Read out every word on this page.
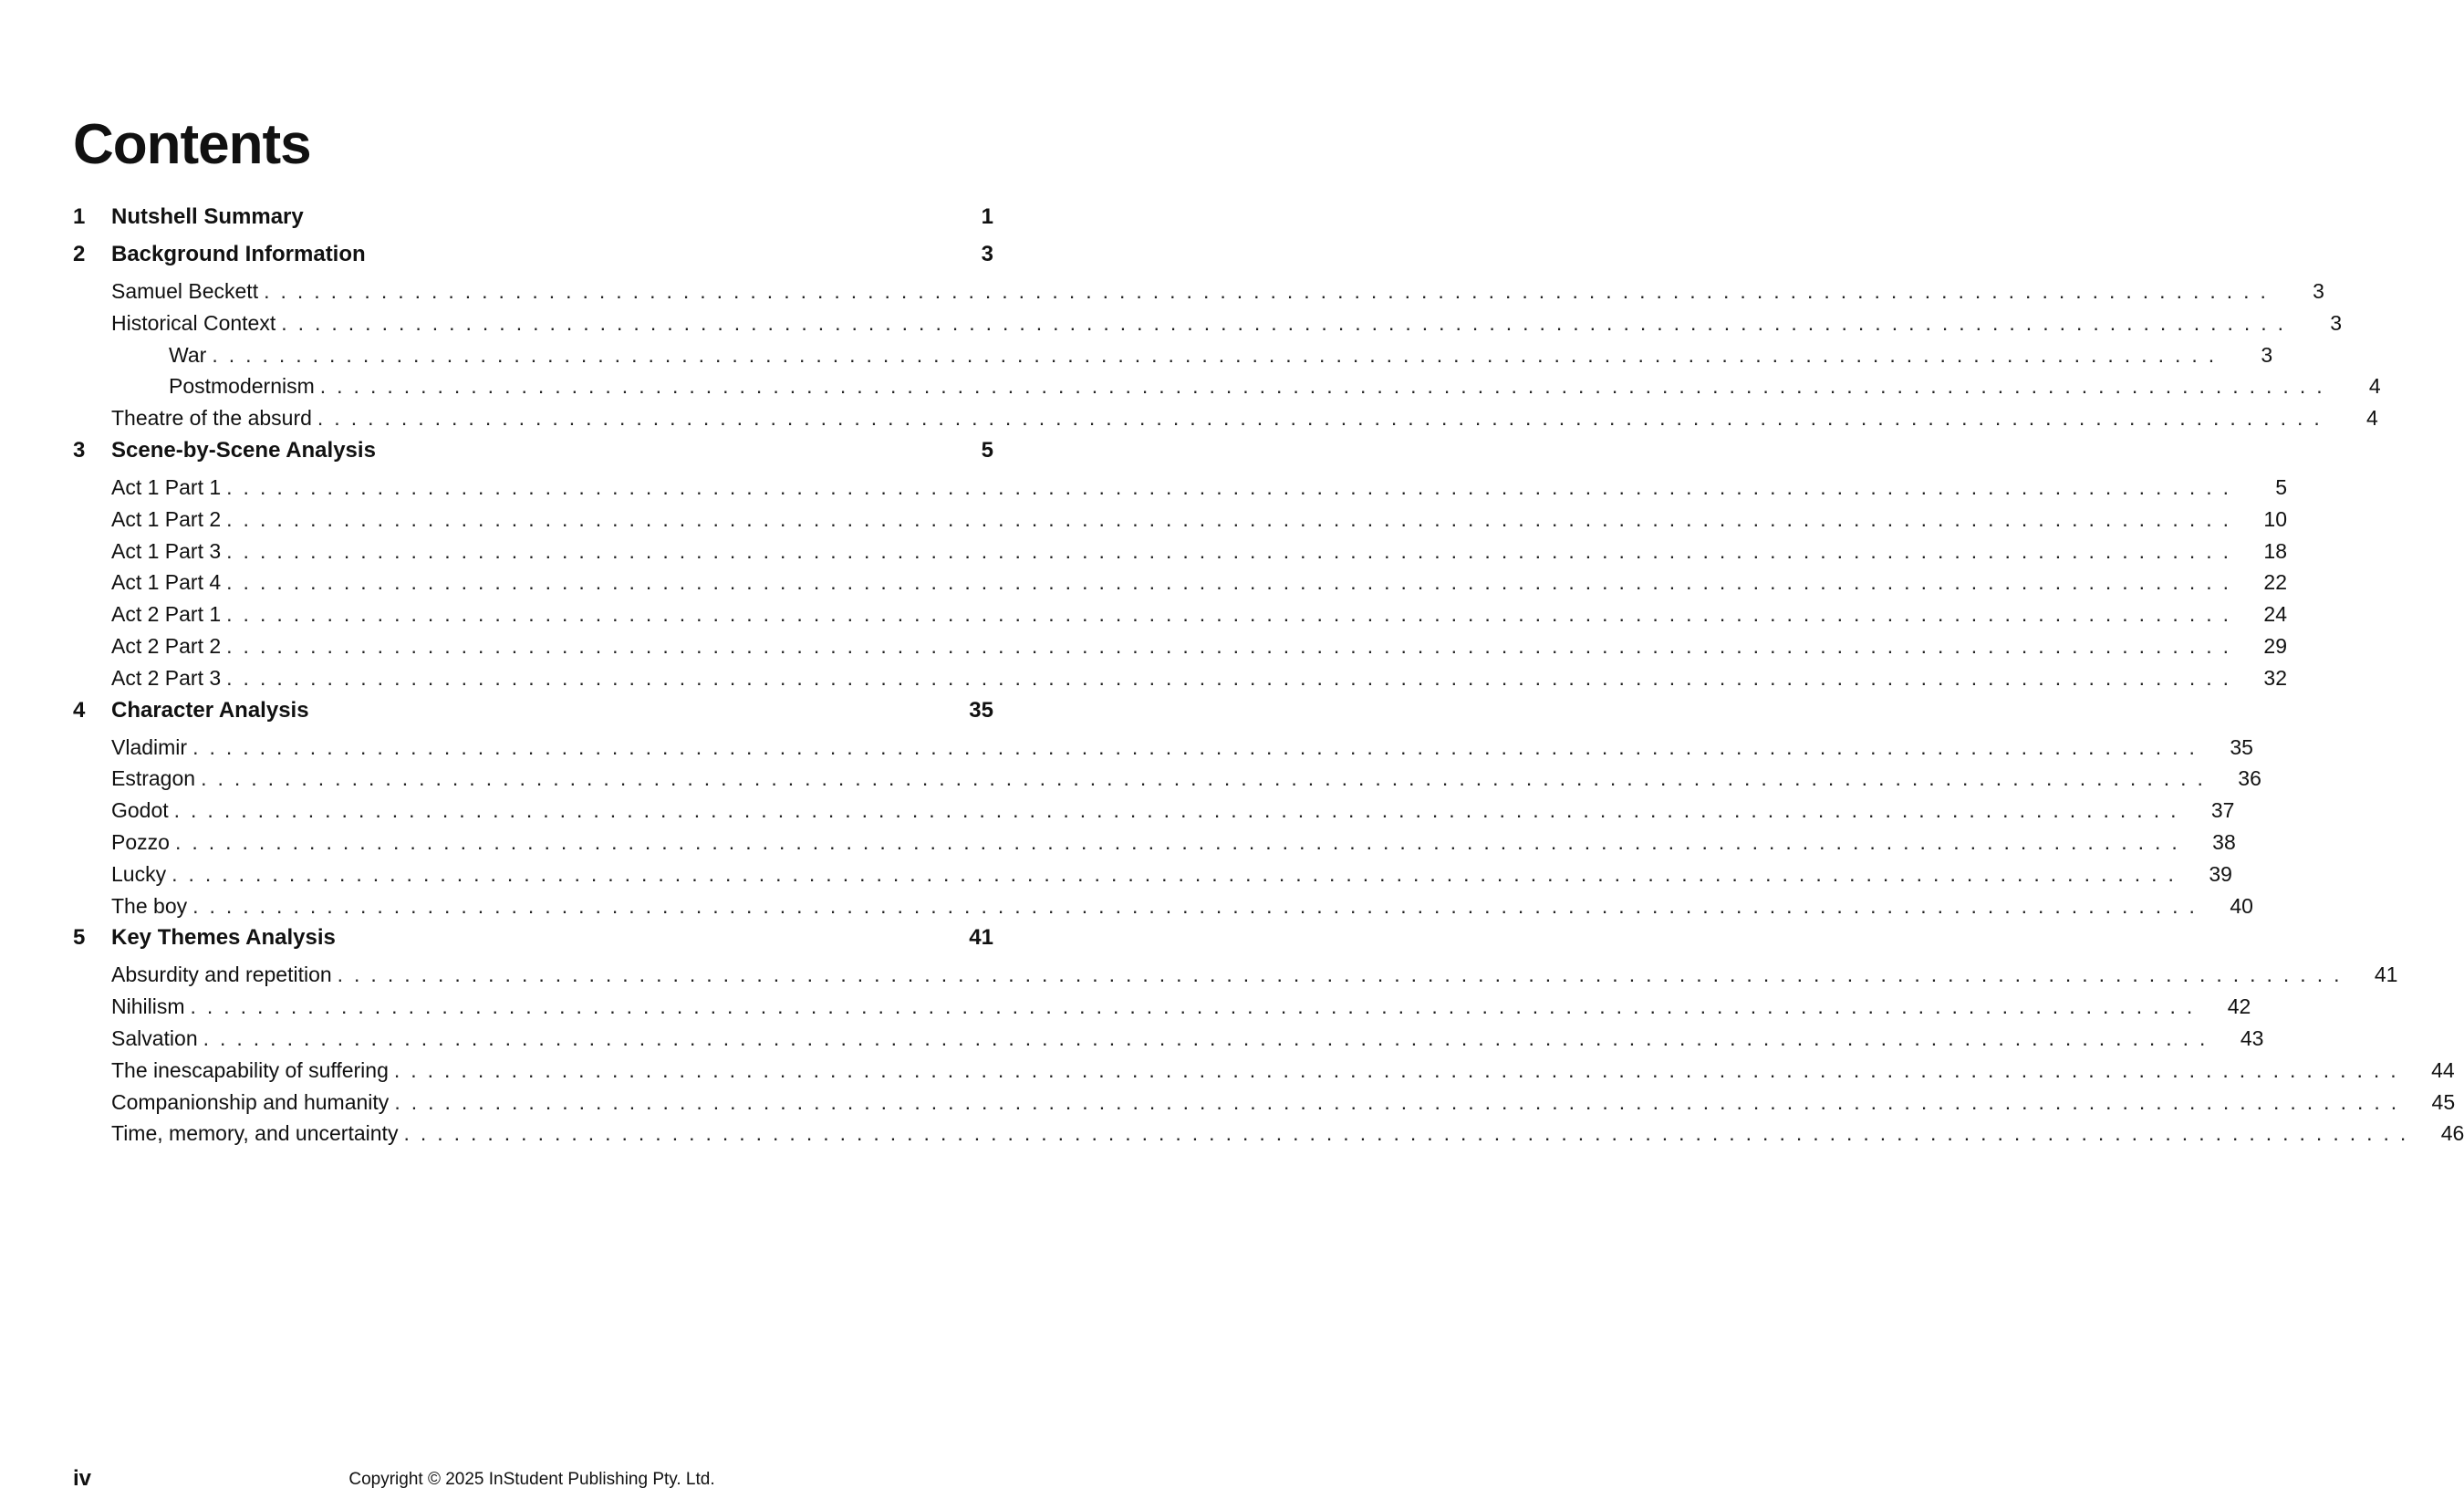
Contents
1	Nutshell Summary	1
2	Background Information	3
Samuel Beckett ........................................................................................................................	3
Historical Context ........................................................................................................................	3
War ........................................................................................................................	3
Postmodernism ........................................................................................................................	4
Theatre of the absurd ........................................................................................................................	4
3	Scene-by-Scene Analysis	5
Act 1 Part 1 ........................................................................................................................	5
Act 1 Part 2 ........................................................................................................................	10
Act 1 Part 3 ........................................................................................................................	18
Act 1 Part 4 ........................................................................................................................	22
Act 2 Part 1 ........................................................................................................................	24
Act 2 Part 2 ........................................................................................................................	29
Act 2 Part 3 ........................................................................................................................	32
4	Character Analysis	35
Vladimir ........................................................................................................................	35
Estragon ........................................................................................................................	36
Godot ........................................................................................................................	37
Pozzo ........................................................................................................................	38
Lucky ........................................................................................................................	39
The boy ........................................................................................................................	40
5	Key Themes Analysis	41
Absurdity and repetition ........................................................................................................................	41
Nihilism ........................................................................................................................	42
Salvation ........................................................................................................................	43
The inescapability of suffering ........................................................................................................................	44
Companionship and humanity ........................................................................................................................	45
Time, memory, and uncertainty ........................................................................................................................	46
iv	Copyright © 2025 InStudent Publishing Pty. Ltd.
